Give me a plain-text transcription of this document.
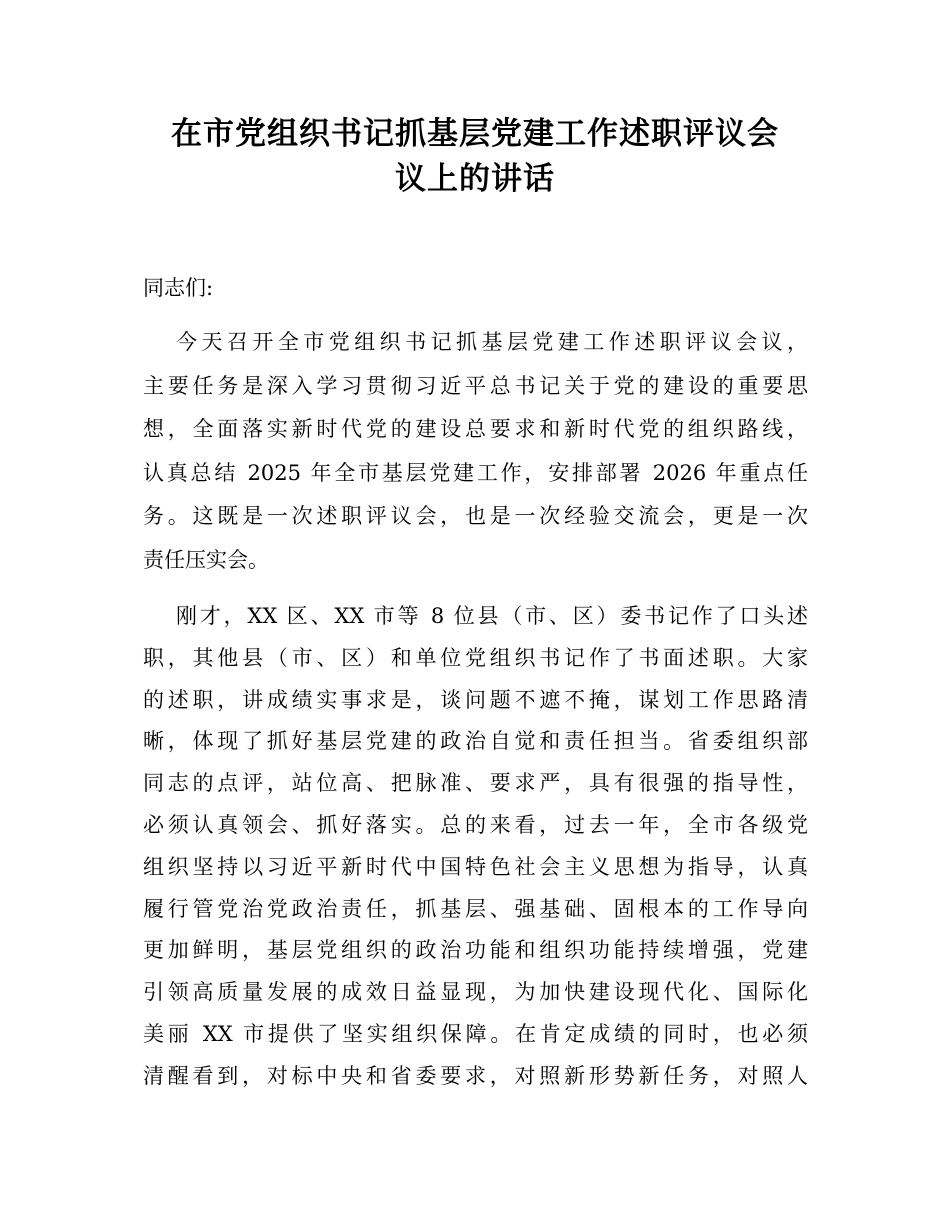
在市党组织书记抓基层党建工作述职评议会
议上的讲话
同志们:
今天召开全市党组织书记抓基层党建工作述职评议会议，
主要任务是深入学习贯彻习近平总书记关于党的建设的重要思
想，全面落实新时代党的建设总要求和新时代党的组织路线，
认真总结 2025 年全市基层党建工作，安排部署 2026 年重点任
务。这既是一次述职评议会，也是一次经验交流会，更是一次
责任压实会。
刚才，XX 区、XX 市等 8 位县（市、区）委书记作了口头述
职，其他县（市、区）和单位党组织书记作了书面述职。大家
的述职，讲成绩实事求是，谈问题不遮不掩，谋划工作思路清
晰，体现了抓好基层党建的政治自觉和责任担当。省委组织部
同志的点评，站位高、把脉准、要求严，具有很强的指导性，
必须认真领会、抓好落实。总的来看，过去一年，全市各级党
组织坚持以习近平新时代中国特色社会主义思想为指导，认真
履行管党治党政治责任，抓基层、强基础、固根本的工作导向
更加鲜明，基层党组织的政治功能和组织功能持续增强，党建
引领高质量发展的成效日益显现，为加快建设现代化、国际化
美丽 XX 市提供了坚实组织保障。在肯定成绩的同时，也必须
清醒看到，对标中央和省委要求，对照新形势新任务，对照人
